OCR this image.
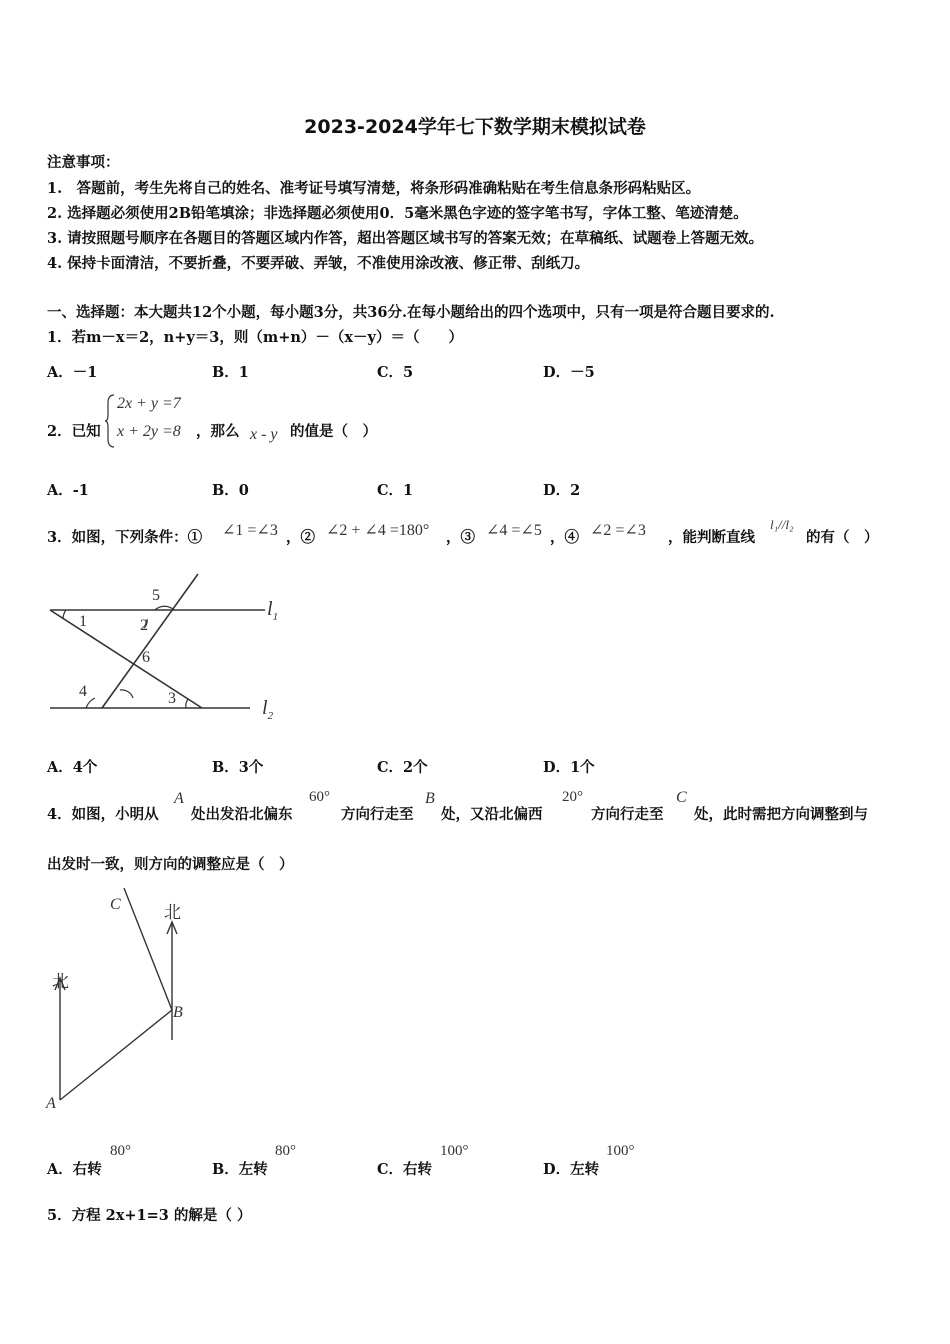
2023-2024学年七下数学期末模拟试卷
注意事项：
1.　答题前，考生先将自己的姓名、准考证号填写清楚，将条形码准确粘贴在考生信息条形码粘贴区。
2. 选择题必须使用2B铅笔填涂；非选择题必须使用0．5毫米黑色字迹的签字笔书写，字体工整、笔迹清楚。
3. 请按照题号顺序在各题目的答题区域内作答，超出答题区域书写的答案无效；在草稿纸、试题卷上答题无效。
4. 保持卡面清洁，不要折叠，不要弄破、弄皱，不准使用涂改液、修正带、刮纸刀。
一、选择题：本大题共12个小题，每小题3分，共36分.在每小题给出的四个选项中，只有一项是符合题目要求的.
1．若m－x＝2，n+y＝3，则（m+n）－（x－y）＝（　　）
A．－1	B．1	C．5	D．－5
2．已知
2x + y =7
x + 2y =8 ，那么 x - y 的值是（　）
A．-1	B．0	C．1	D．2
3．如图，下列条件：① ∠1 =∠3 ，② ∠2 + ∠4 =180° ，③ ∠4 =∠5 ，④ ∠2 =∠3 ，能判断直线
l₁//l₂
的有（　）
1	2
3
4
5
6
$l_1$
$l_2$
A．4个	B．3个	C．2个	D．1个
4．如图，小明从
A
处出发沿北偏东
60°
方向行走至
B
处，又沿北偏西
20°
方向行走至
C
处，此时需把方向调整到与
出发时一致，则方向的调整应是（　）
北
北
A
B
C
A．右转
80°
B．左转
80°
C．右转
100°
D．左转
100°
5．方程 2x+1=3 的解是（ ）
